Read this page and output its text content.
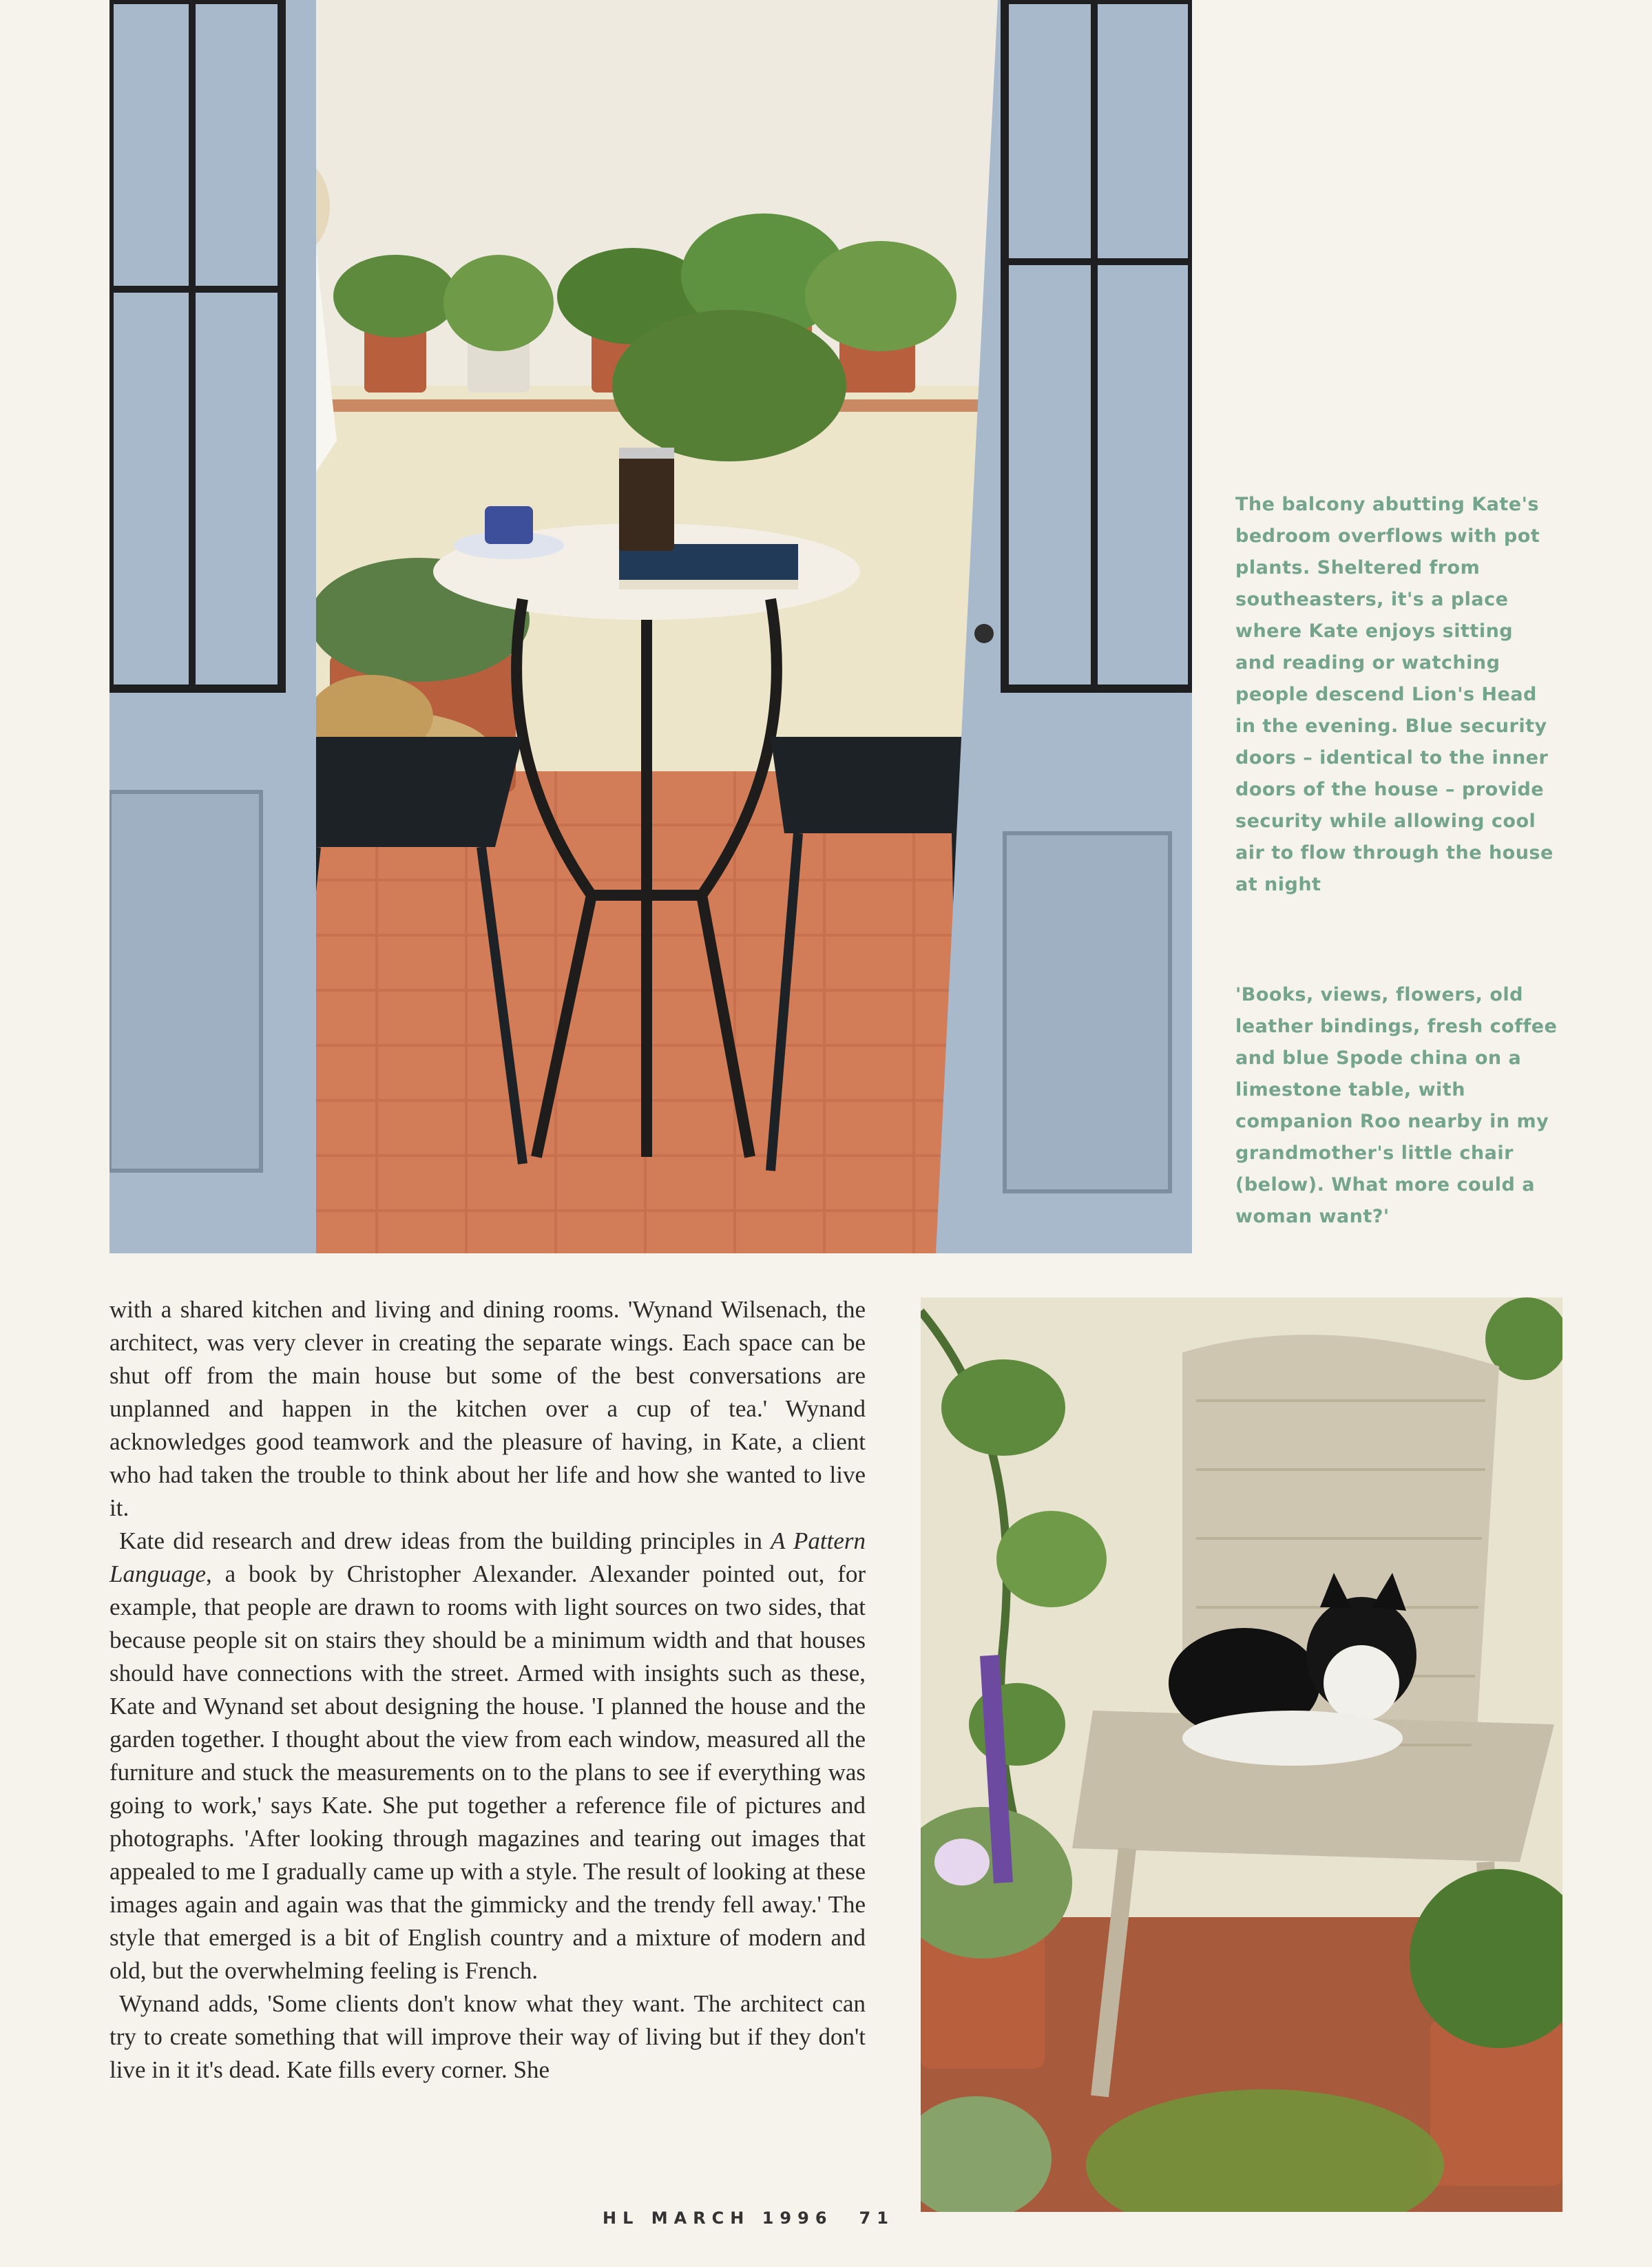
The balcony abutting Kate's bedroom overflows with pot plants. Sheltered from southeasters, it's a place where Kate enjoys sitting and reading or watching people descend Lion's Head in the evening. Blue security doors – identical to the inner doors of the house – provide security while allowing cool air to flow through the house at night

'Books, views, flowers, old leather bindings, fresh coffee and blue Spode china on a limestone table, with companion Roo nearby in my grandmother's little chair (below). What more could a woman want?'

with a shared kitchen and living and dining rooms. 'Wynand Wilsenach, the architect, was very clever in creating the separate wings. Each space can be shut off from the main house but some of the best conversations are unplanned and happen in the kitchen over a cup of tea.' Wynand acknowledges good teamwork and the pleasure of having, in Kate, a client who had taken the trouble to think about her life and how she wanted to live it.

Kate did research and drew ideas from the building principles in A Pattern Language, a book by Christopher Alexander. Alexander pointed out, for example, that people are drawn to rooms with light sources on two sides, that because people sit on stairs they should be a minimum width and that houses should have connections with the street. Armed with insights such as these, Kate and Wynand set about designing the house. 'I planned the house and the garden together. I thought about the view from each window, measured all the furniture and stuck the measurements on to the plans to see if everything was going to work,' says Kate. She put together a reference file of pictures and photographs. 'After looking through magazines and tearing out images that appealed to me I gradually came up with a style. The result of looking at these images again and again was that the gimmicky and the trendy fell away.' The style that emerged is a bit of English country and a mixture of modern and old, but the overwhelming feeling is French.

Wynand adds, 'Some clients don't know what they want. The architect can try to create something that will improve their way of living but if they don't live in it it's dead. Kate fills every corner. She

HL MARCH 1996 71
